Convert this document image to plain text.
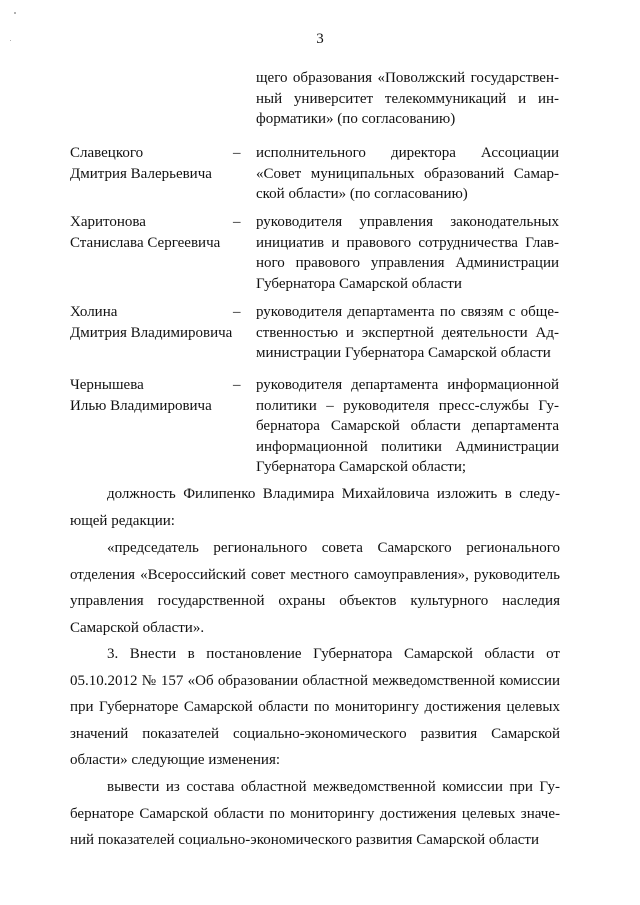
3
щего образования «Поволжский государственный университет телекоммуникаций и информатики» (по согласованию)
Славецкого
Дмитрия Валерьевича
– исполнительного директора Ассоциации «Совет муниципальных образований Самарской области» (по согласованию)
Харитонова
Станислава Сергеевича
– руководителя управления законодательных инициатив и правового сотрудничества Главного правового управления Администрации Губернатора Самарской области
Холина
Дмитрия Владимировича
– руководителя департамента по связям с общественностью и экспертной деятельности Администрации Губернатора Самарской области
Чернышева
Илью Владимировича
– руководителя департамента информационной политики – руководителя пресс-службы Губернатора Самарской области департамента информационной политики Администрации Губернатора Самарской области;
должность Филипенко Владимира Михайловича изложить в следующей редакции:
«председатель регионального совета Самарского регионального отделения «Всероссийский совет местного самоуправления», руководитель управления государственной охраны объектов культурного наследия Самарской области».
3. Внести в постановление Губернатора Самарской области от 05.10.2012 № 157 «Об образовании областной межведомственной комиссии при Губернаторе Самарской области по мониторингу достижения целевых значений показателей социально-экономического развития Самарской области» следующие изменения:
вывести из состава областной межведомственной комиссии при Губернаторе Самарской области по мониторингу достижения целевых значений показателей социально-экономического развития Самарской области
